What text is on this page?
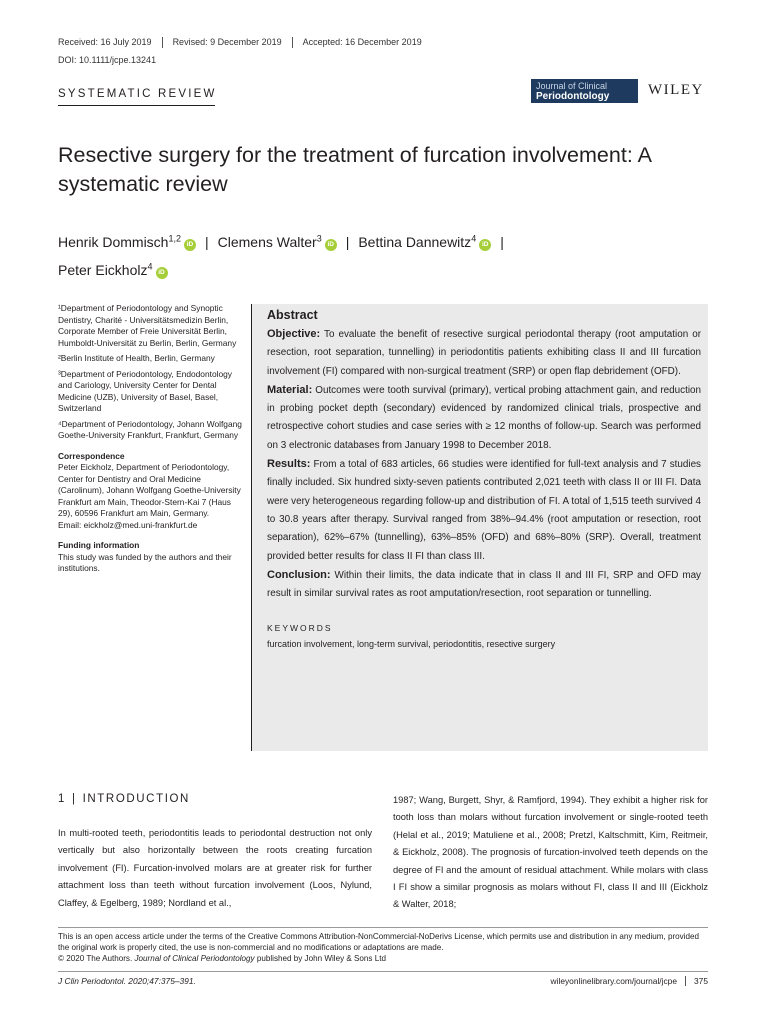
Received: 16 July 2019	Revised: 9 December 2019	Accepted: 16 December 2019
DOI: 10.1111/jcpe.13241
SYSTEMATIC REVIEW
Journal of Clinical
Periodontology	WILEY
Resective surgery for the treatment of furcation involvement: A systematic review
Henrik Dommisch$^{1,2}$iD | Clemens Walter$^3$iD | Bettina Dannewitz$^4$iD |
Peter Eickholz$^4$iD
¹Department of Periodontology and Synoptic Dentistry, Charité - Universitätsmedizin Berlin, Corporate Member of Freie Universität Berlin, Humboldt-Universität zu Berlin, Berlin, Germany
²Berlin Institute of Health, Berlin, Germany
³Department of Periodontology, Endodontology and Cariology, University Center for Dental Medicine (UZB), University of Basel, Basel, Switzerland
⁴Department of Periodontology, Johann Wolfgang Goethe-University Frankfurt, Frankfurt, Germany
Correspondence
Peter Eickholz, Department of Periodontology, Center for Dentistry and Oral Medicine (Carolinum), Johann Wolfgang Goethe-University Frankfurt am Main, Theodor-Stern-Kai 7 (Haus 29), 60596 Frankfurt am Main, Germany.
Email: eickholz@med.uni-frankfurt.de
Funding information
This study was funded by the authors and their institutions.
Abstract

Objective: To evaluate the benefit of resective surgical periodontal therapy (root amputation or resection, root separation, tunnelling) in periodontitis patients exhibiting class II and III furcation involvement (FI) compared with non-surgical treatment (SRP) or open flap debridement (OFD).

Material: Outcomes were tooth survival (primary), vertical probing attachment gain, and reduction in probing pocket depth (secondary) evidenced by randomized clinical trials, prospective and retrospective cohort studies and case series with ≥ 12 months of follow-up. Search was performed on 3 electronic databases from January 1998 to December 2018.

Results: From a total of 683 articles, 66 studies were identified for full-text analysis and 7 studies finally included. Six hundred sixty-seven patients contributed 2,021 teeth with class II or III FI. Data were very heterogeneous regarding follow-up and distribution of FI. A total of 1,515 teeth survived 4 to 30.8 years after therapy. Survival ranged from 38%–94.4% (root amputation or resection, root separation), 62%–67% (tunnelling), 63%–85% (OFD) and 68%–80% (SRP). Overall, treatment provided better results for class II FI than class III.

Conclusion: Within their limits, the data indicate that in class II and III FI, SRP and OFD may result in similar survival rates as root amputation/resection, root separation or tunnelling.

KEYWORDS
furcation involvement, long-term survival, periodontitis, resective surgery
1 | INTRODUCTION

In multi-rooted teeth, periodontitis leads to periodontal destruction not only vertically but also horizontally between the roots creating furcation involvement (FI). Furcation-involved molars are at greater risk for further attachment loss than teeth without furcation involvement (Loos, Nylund, Claffey, & Egelberg, 1989; Nordland et al.,

1987; Wang, Burgett, Shyr, & Ramfjord, 1994). They exhibit a higher risk for tooth loss than molars without furcation involvement or single-rooted teeth (Helal et al., 2019; Matuliene et al., 2008; Pretzl, Kaltschmitt, Kim, Reitmeir, & Eickholz, 2008). The prognosis of furcation-involved teeth depends on the degree of FI and the amount of residual attachment. While molars with class I FI show a similar prognosis as molars without FI, class II and III (Eickholz & Walter, 2018;

This is an open access article under the terms of the Creative Commons Attribution-NonCommercial-NoDerivs License, which permits use and distribution in any medium, provided the original work is properly cited, the use is non-commercial and no modifications or adaptations are made.
© 2020 The Authors. Journal of Clinical Periodontology published by John Wiley & Sons Ltd
J Clin Periodontol. 2020;47:375–391.	wileyonlinelibrary.com/journal/jcpe	375
